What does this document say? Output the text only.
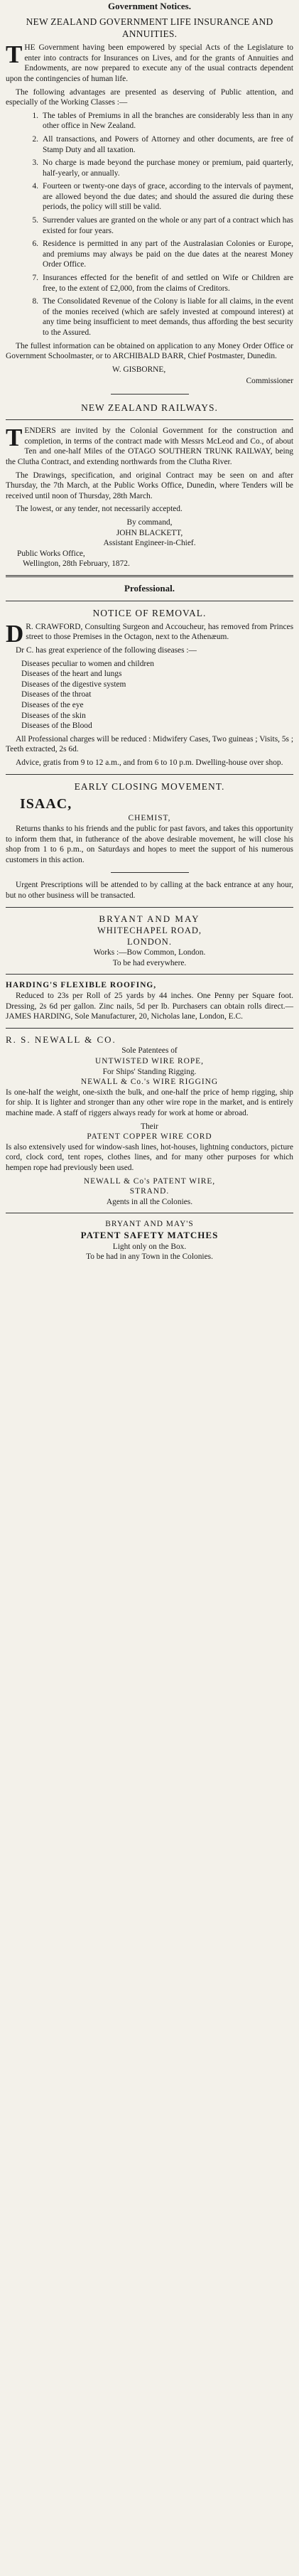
Government Notices.
NEW ZEALAND GOVERNMENT LIFE INSURANCE AND ANNUITIES.

THE Government having been empowered by special Acts of the Legislature to enter into contracts for Insurances on Lives, and for the grants of Annuities and Endowments, are now prepared to execute any of the usual contracts dependent upon the contingencies of human life.

The following advantages are presented as deserving of Public attention, and especially of the Working Classes :—

1. The tables of Premiums in all the branches are considerably less than in any other office in New Zealand.
2. All transactions, and Powers of Attorney and other documents, are free of Stamp Duty and all taxation.
3. No charge is made beyond the purchase money or premium, paid quarterly, half-yearly, or annually.
4. Fourteen or twenty-one days of grace, according to the intervals of payment, are allowed beyond the due dates; and should the assured die during these periods, the policy will still be valid.
5. Surrender values are granted on the whole or any part of a contract which has existed for four years.
6. Residence is permitted in any part of the Australasian Colonies or Europe, and premiums may always be paid on the due dates at the nearest Money Order Office.
7. Insurances effected for the benefit of and settled on Wife or Children are free, to the extent of £2,000, from the claims of Creditors.
8. The Consolidated Revenue of the Colony is liable for all claims, in the event of the monies received (which are safely invested at compound interest) at any time being insufficient to meet demands, thus affording the best security to the Assured.

The fullest information can be obtained on application to any Money Order Office or Government Schoolmaster, or to ARCHIBALD BARR, Chief Postmaster, Dunedin.

W. GISBORNE,
Commissioner
NEW ZEALAND RAILWAYS.

TENDERS are invited by the Colonial Government for the construction and completion, in terms of the contract made with Messrs McLeod and Co., of about Ten and one-half Miles of the OTAGO SOUTHERN TRUNK RAILWAY, being the Clutha Contract, and extending northwards from the Clutha River.

The Drawings, specification, and original Contract may be seen on and after Thursday, the 7th March, at the Public Works Office, Dunedin, where Tenders will be received until noon of Thursday, 28th March.

The lowest, or any tender, not necessarily accepted.

By command,
JOHN BLACKETT,
Assistant Engineer-in-Chief.
Public Works Office,
Wellington, 28th February, 1872.
Professional.
NOTICE OF REMOVAL.

DR. CRAWFORD, Consulting Surgeon and Accoucheur, has removed from Princes street to those Premises in the Octagon, next to the Athenæum.

Dr C. has great experience of the following diseases :—

Diseases peculiar to women and children
Diseases of the heart and lungs
Diseases of the digestive system
Diseases of the throat
Diseases of the eye
Diseases of the skin
Diseases of the Blood

All Professional charges will be reduced : Midwifery Cases, Two guineas ; Visits, 5s ; Teeth extracted, 2s 6d.

Advice, gratis from 9 to 12 a.m., and from 6 to 10 p.m. Dwelling-house over shop.

EARLY CLOSING MOVEMENT.
ISAAC,
CHEMIST,

Returns thanks to his friends and the public for past favors, and takes this opportunity to inform them that, in futherance of the above desirable movement, he will close his shop from 1 to 6 p.m., on Saturdays and hopes to meet the support of his numerous customers in this action.

Urgent Prescriptions will be attended to by calling at the back entrance at any hour, but no other business will be transacted.

BRYANT AND MAY
WHITECHAPEL ROAD,
LONDON.
Works :—Bow Common, London.
To be had everywhere.
HARDING'S FLEXIBLE ROOFING,

Reduced to 23s per Roll of 25 yards by 44 inches. One Penny per Square foot. Dressing, 2s 6d per gallon. Zinc nails, 5d per lb. Purchasers can obtain rolls direct.— JAMES HARDING, Sole Manufacturer, 20, Nicholas lane, London, E.C.

R. S. NEWALL & CO.
Sole Patentees of
UNTWISTED WIRE ROPE,
For Ships' Standing Rigging.
NEWALL & Co.'s WIRE RIGGING

Is one-half the weight, one-sixth the bulk, and one-half the price of hemp rigging, ship for ship. It is lighter and stronger than any other wire rope in the market, and is entirely machine made. A staff of riggers always ready for work at home or abroad.

Their
PATENT COPPER WIRE CORD

Is also extensively used for window-sash lines, hot-houses, lightning conductors, picture cord, clock cord, tent ropes, clothes lines, and for many other purposes for which hempen rope had previously been used.

NEWALL & Co's PATENT WIRE,
STRAND.
Agents in all the Colonies.
BRYANT AND MAY'S
PATENT SAFETY MATCHES
Light only on the Box.
To be had in any Town in the Colonies.
